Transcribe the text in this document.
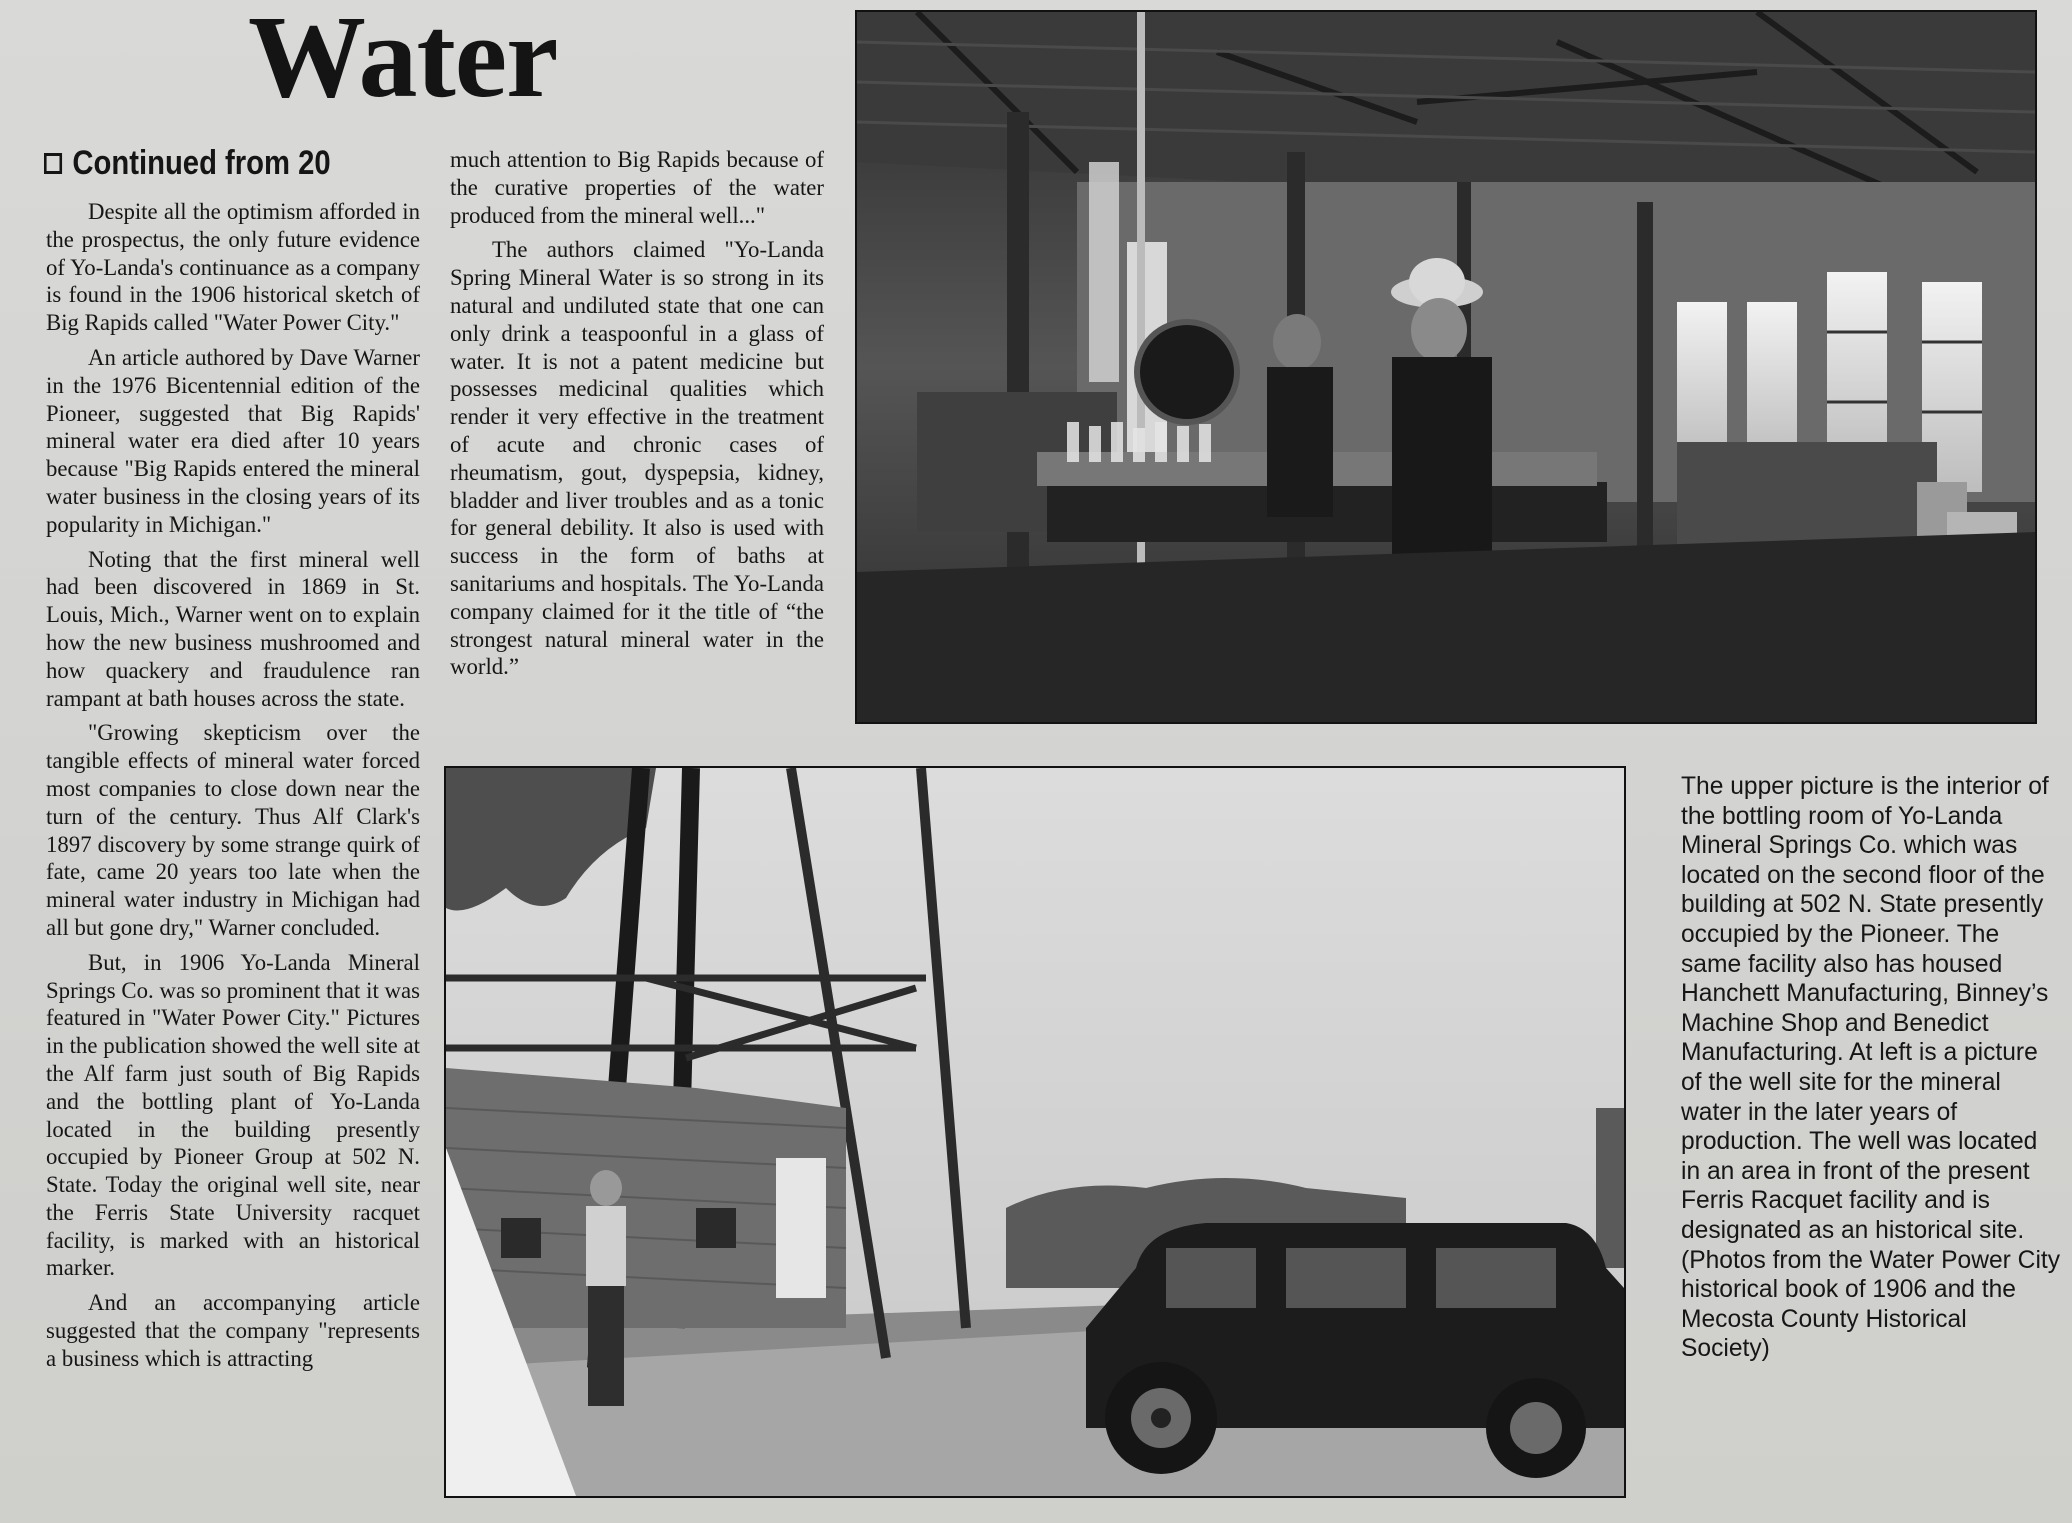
Water
Continued from 20

Despite all the optimism afforded in the prospectus, the only future evidence of Yo-Landa's continuance as a company is found in the 1906 historical sketch of Big Rapids called "Water Power City."

An article authored by Dave Warner in the 1976 Bicentennial edition of the Pioneer, suggested that Big Rapids' mineral water era died after 10 years because "Big Rapids entered the mineral water business in the closing years of its popularity in Michigan."

Noting that the first mineral well had been discovered in 1869 in St. Louis, Mich., Warner went on to explain how the new business mushroomed and how quackery and fraudulence ran rampant at bath houses across the state.

"Growing skepticism over the tangible effects of mineral water forced most companies to close down near the turn of the century. Thus Alf Clark's 1897 discovery by some strange quirk of fate, came 20 years too late when the mineral water industry in Michigan had all but gone dry," Warner concluded.

But, in 1906 Yo-Landa Mineral Springs Co. was so prominent that it was featured in "Water Power City." Pictures in the publication showed the well site at the Alf farm just south of Big Rapids and the bottling plant of Yo-Landa located in the building presently occupied by Pioneer Group at 502 N. State. Today the original well site, near the Ferris State University racquet facility, is marked with an historical marker.

And an accompanying article suggested that the company "represents a business which is attracting

much attention to Big Rapids because of the curative properties of the water produced from the mineral well..."

The authors claimed "Yo-Landa Spring Mineral Water is so strong in its natural and undiluted state that one can only drink a teaspoonful in a glass of water. It is not a patent medicine but possesses medicinal qualities which render it very effective in the treatment of acute and chronic cases of rheumatism, gout, dyspepsia, kidney, bladder and liver troubles and as a tonic for general debility. It also is used with success in the form of baths at sanitariums and hospitals. The Yo-Landa company claimed for it the title of “the strongest natural mineral water in the world.”

The upper picture is the interior of the bottling room of Yo-Landa Mineral Springs Co. which was located on the second floor of the building at 502 N. State presently occupied by the Pioneer. The same facility also has housed Hanchett Manufacturing, Binney’s Machine Shop and Benedict Manufacturing. At left is a picture of the well site for the mineral water in the later years of production. The well was located in an area in front of the present Ferris Racquet facility and is designated as an historical site. (Photos from the Water Power City historical book of 1906 and the Mecosta County Historical Society)
